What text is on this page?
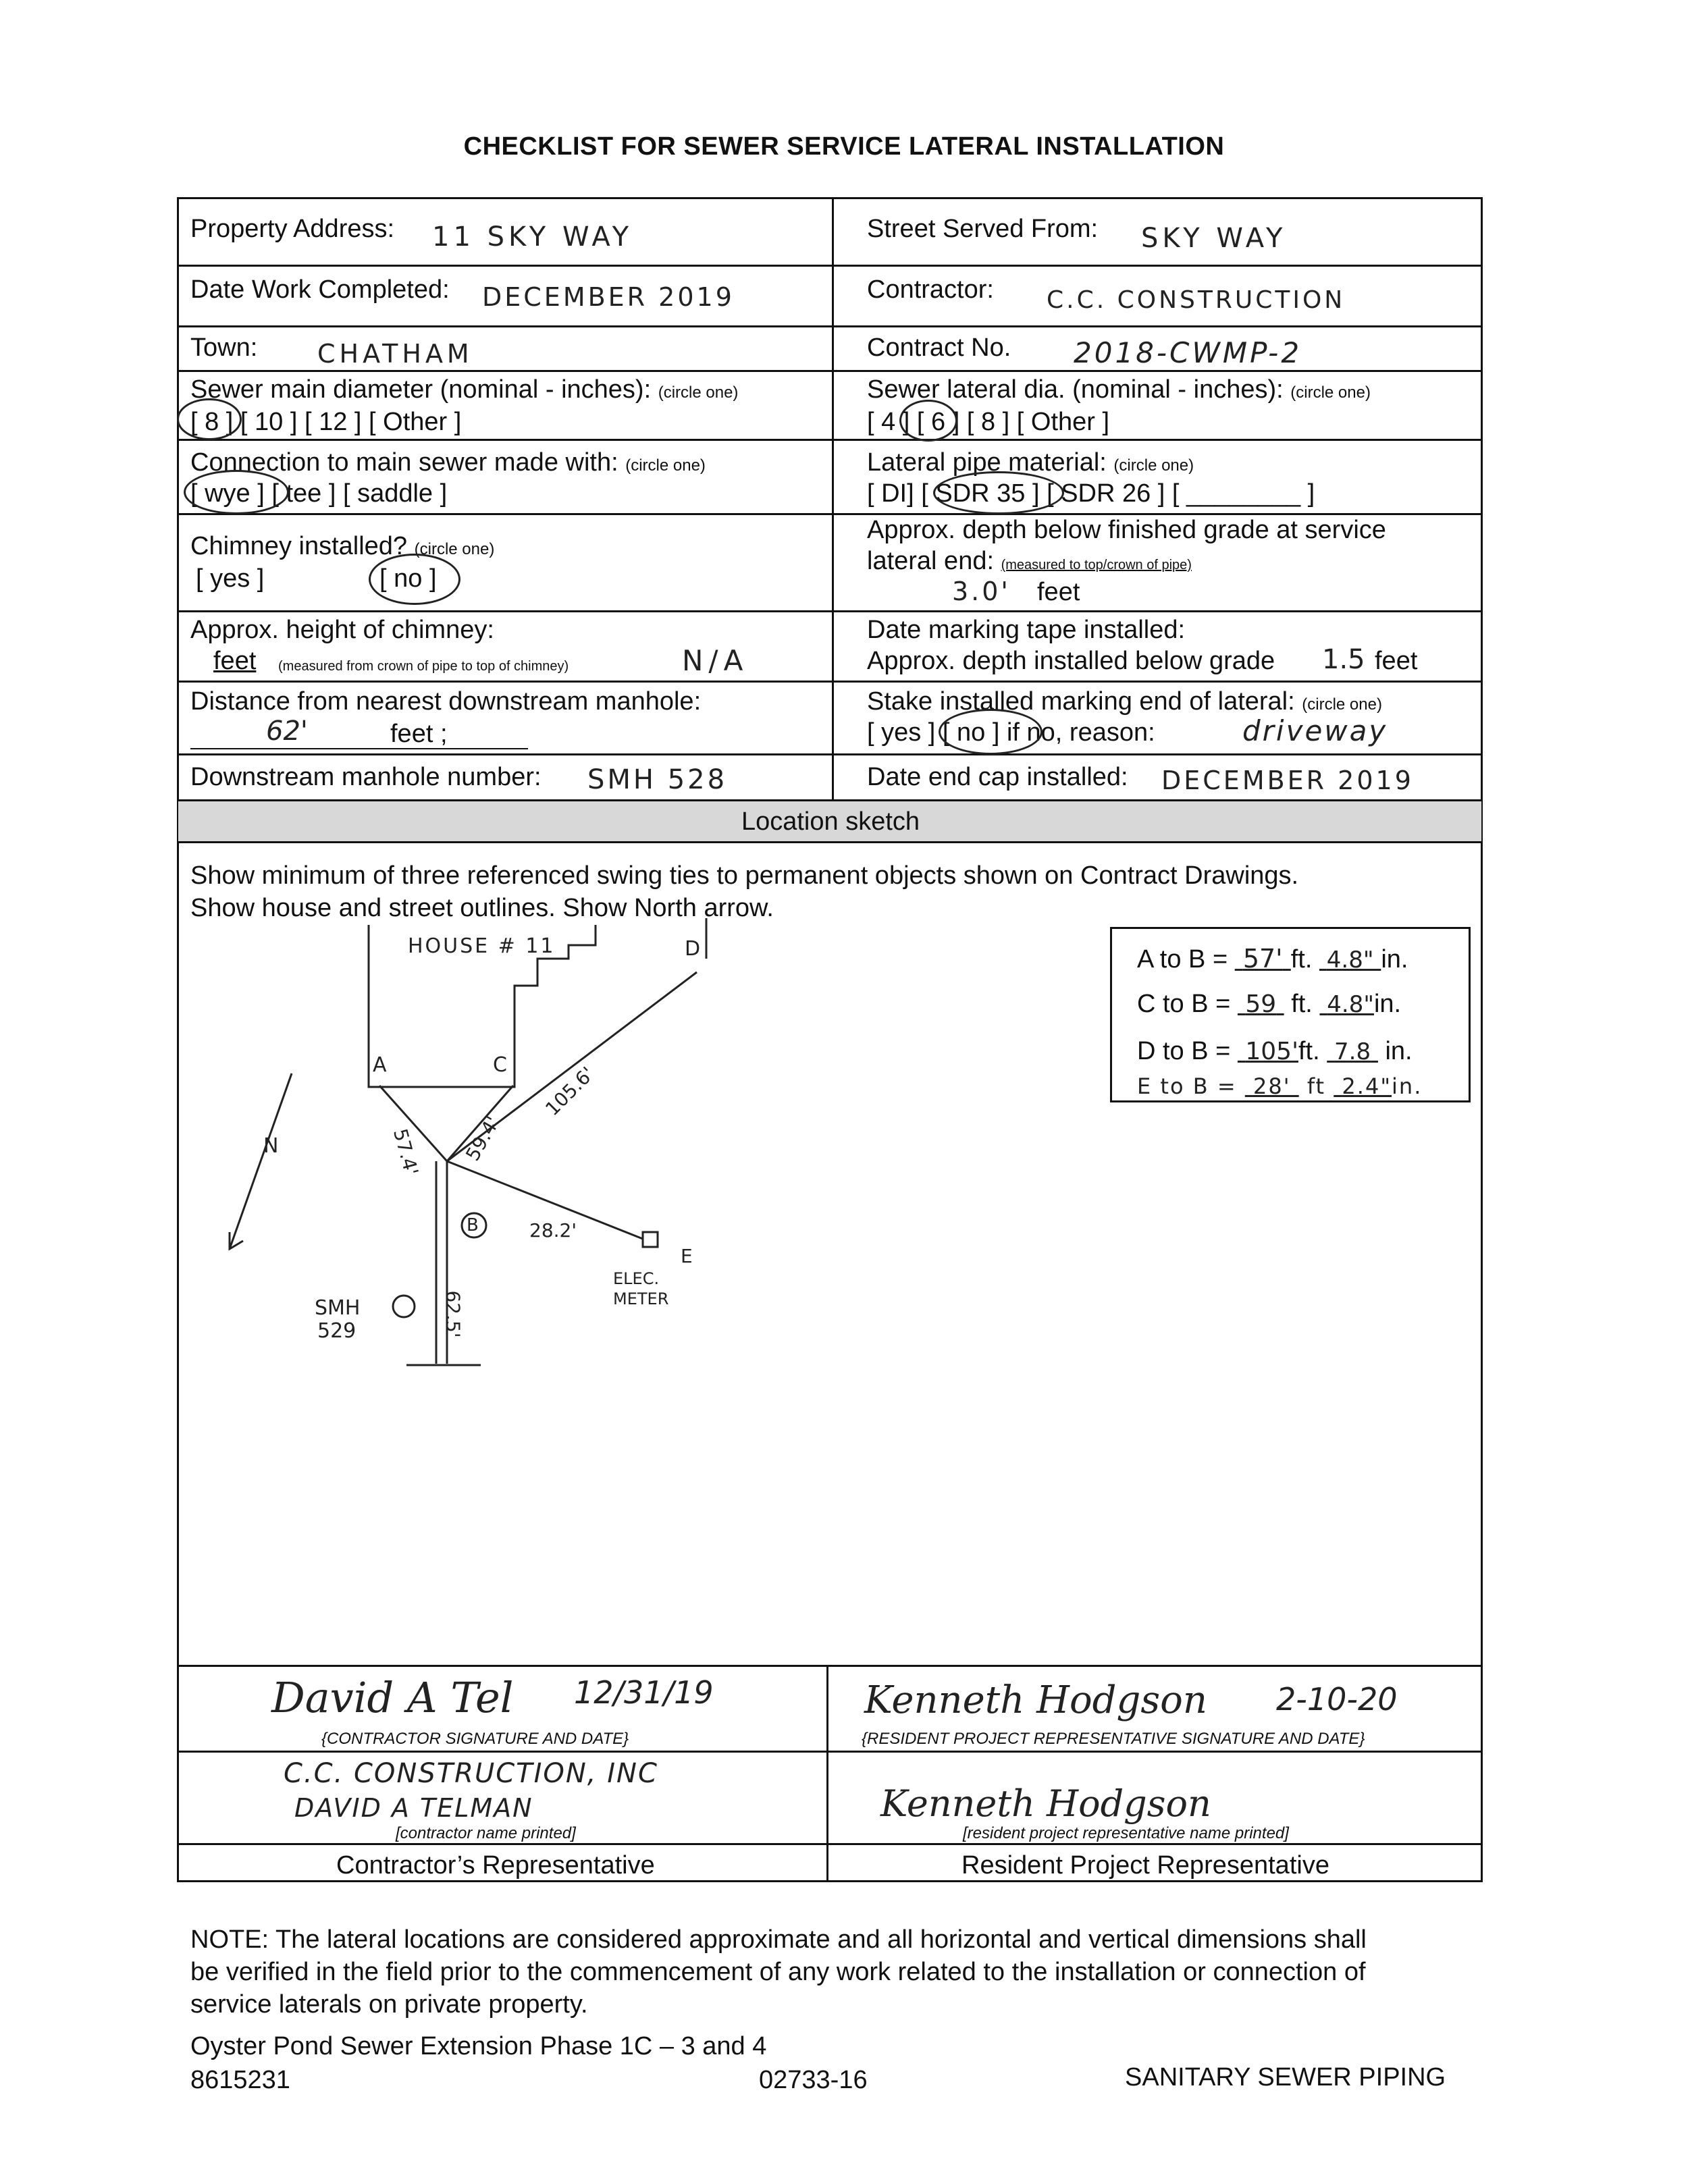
CHECKLIST FOR SEWER SERVICE LATERAL INSTALLATION
Property Address: 11 SKY WAY	Street Served From: SKY WAY
Date Work Completed: DECEMBER 2019	Contractor: C.C. CONSTRUCTION
Town: CHATHAM	Contract No. 2018-CWMP-2
Sewer main diameter (nominal - inches): (circle one)
[ 8 ] [ 10 ] [ 12 ] [ Other ]
Sewer lateral dia. (nominal - inches): (circle one)
[ 4 ] [ 6 ] [ 8 ] [ Other ]
Connection to main sewer made with: (circle one)
[ wye ] [ tee ] [ saddle ]
Lateral pipe material: (circle one)
[ DI] [ SDR 35 ] [ SDR 26 ] [ ________ ]
Chimney installed? (circle one)
[ yes ]	[ no ]
Approx. depth below finished grade at service
lateral end: (measured to top/crown of pipe)
3.0' feet
Approx. height of chimney:
feet (measured from crown of pipe to top of chimney)	N/A
Date marking tape installed:
Approx. depth installed below grade 1.5 feet
Distance from nearest downstream manhole:
62'	feet ;
Stake installed marking end of lateral: (circle one)
[ yes ] [ no ] if no, reason:	driveway
Downstream manhole number: SMH 528	Date end cap installed: DECEMBER 2019
Location sketch
Show minimum of three referenced swing ties to permanent objects shown on Contract Drawings.
Show house and street outlines. Show North arrow.
HOUSE # 11
A	C
D
B
E
N
ELEC.
METER
SMH
529
57.4' 59.4'
105.6'
28.2'
62.5'
A to B = 57' ft. 4.8" in.
C to B = 59 ft. 4.8"in.
D to B = 105'ft. 7.8 in.
E to B = 28' ft 2.4"in.
David A Tel 12/31/19
{CONTRACTOR SIGNATURE AND DATE}
Kenneth Hodgson 2-10-20
{RESIDENT PROJECT REPRESENTATIVE SIGNATURE AND DATE}
C.C. CONSTRUCTION, INC
DAVID A TELMAN
[contractor name printed]
Kenneth Hodgson
[resident project representative name printed]
Contractor’s Representative	Resident Project Representative
NOTE: The lateral locations are considered approximate and all horizontal and vertical dimensions shall
be verified in the field prior to the commencement of any work related to the installation or connection of
service laterals on private property.
Oyster Pond Sewer Extension Phase 1C – 3 and 4
8615231	02733-16	SANITARY SEWER PIPING
